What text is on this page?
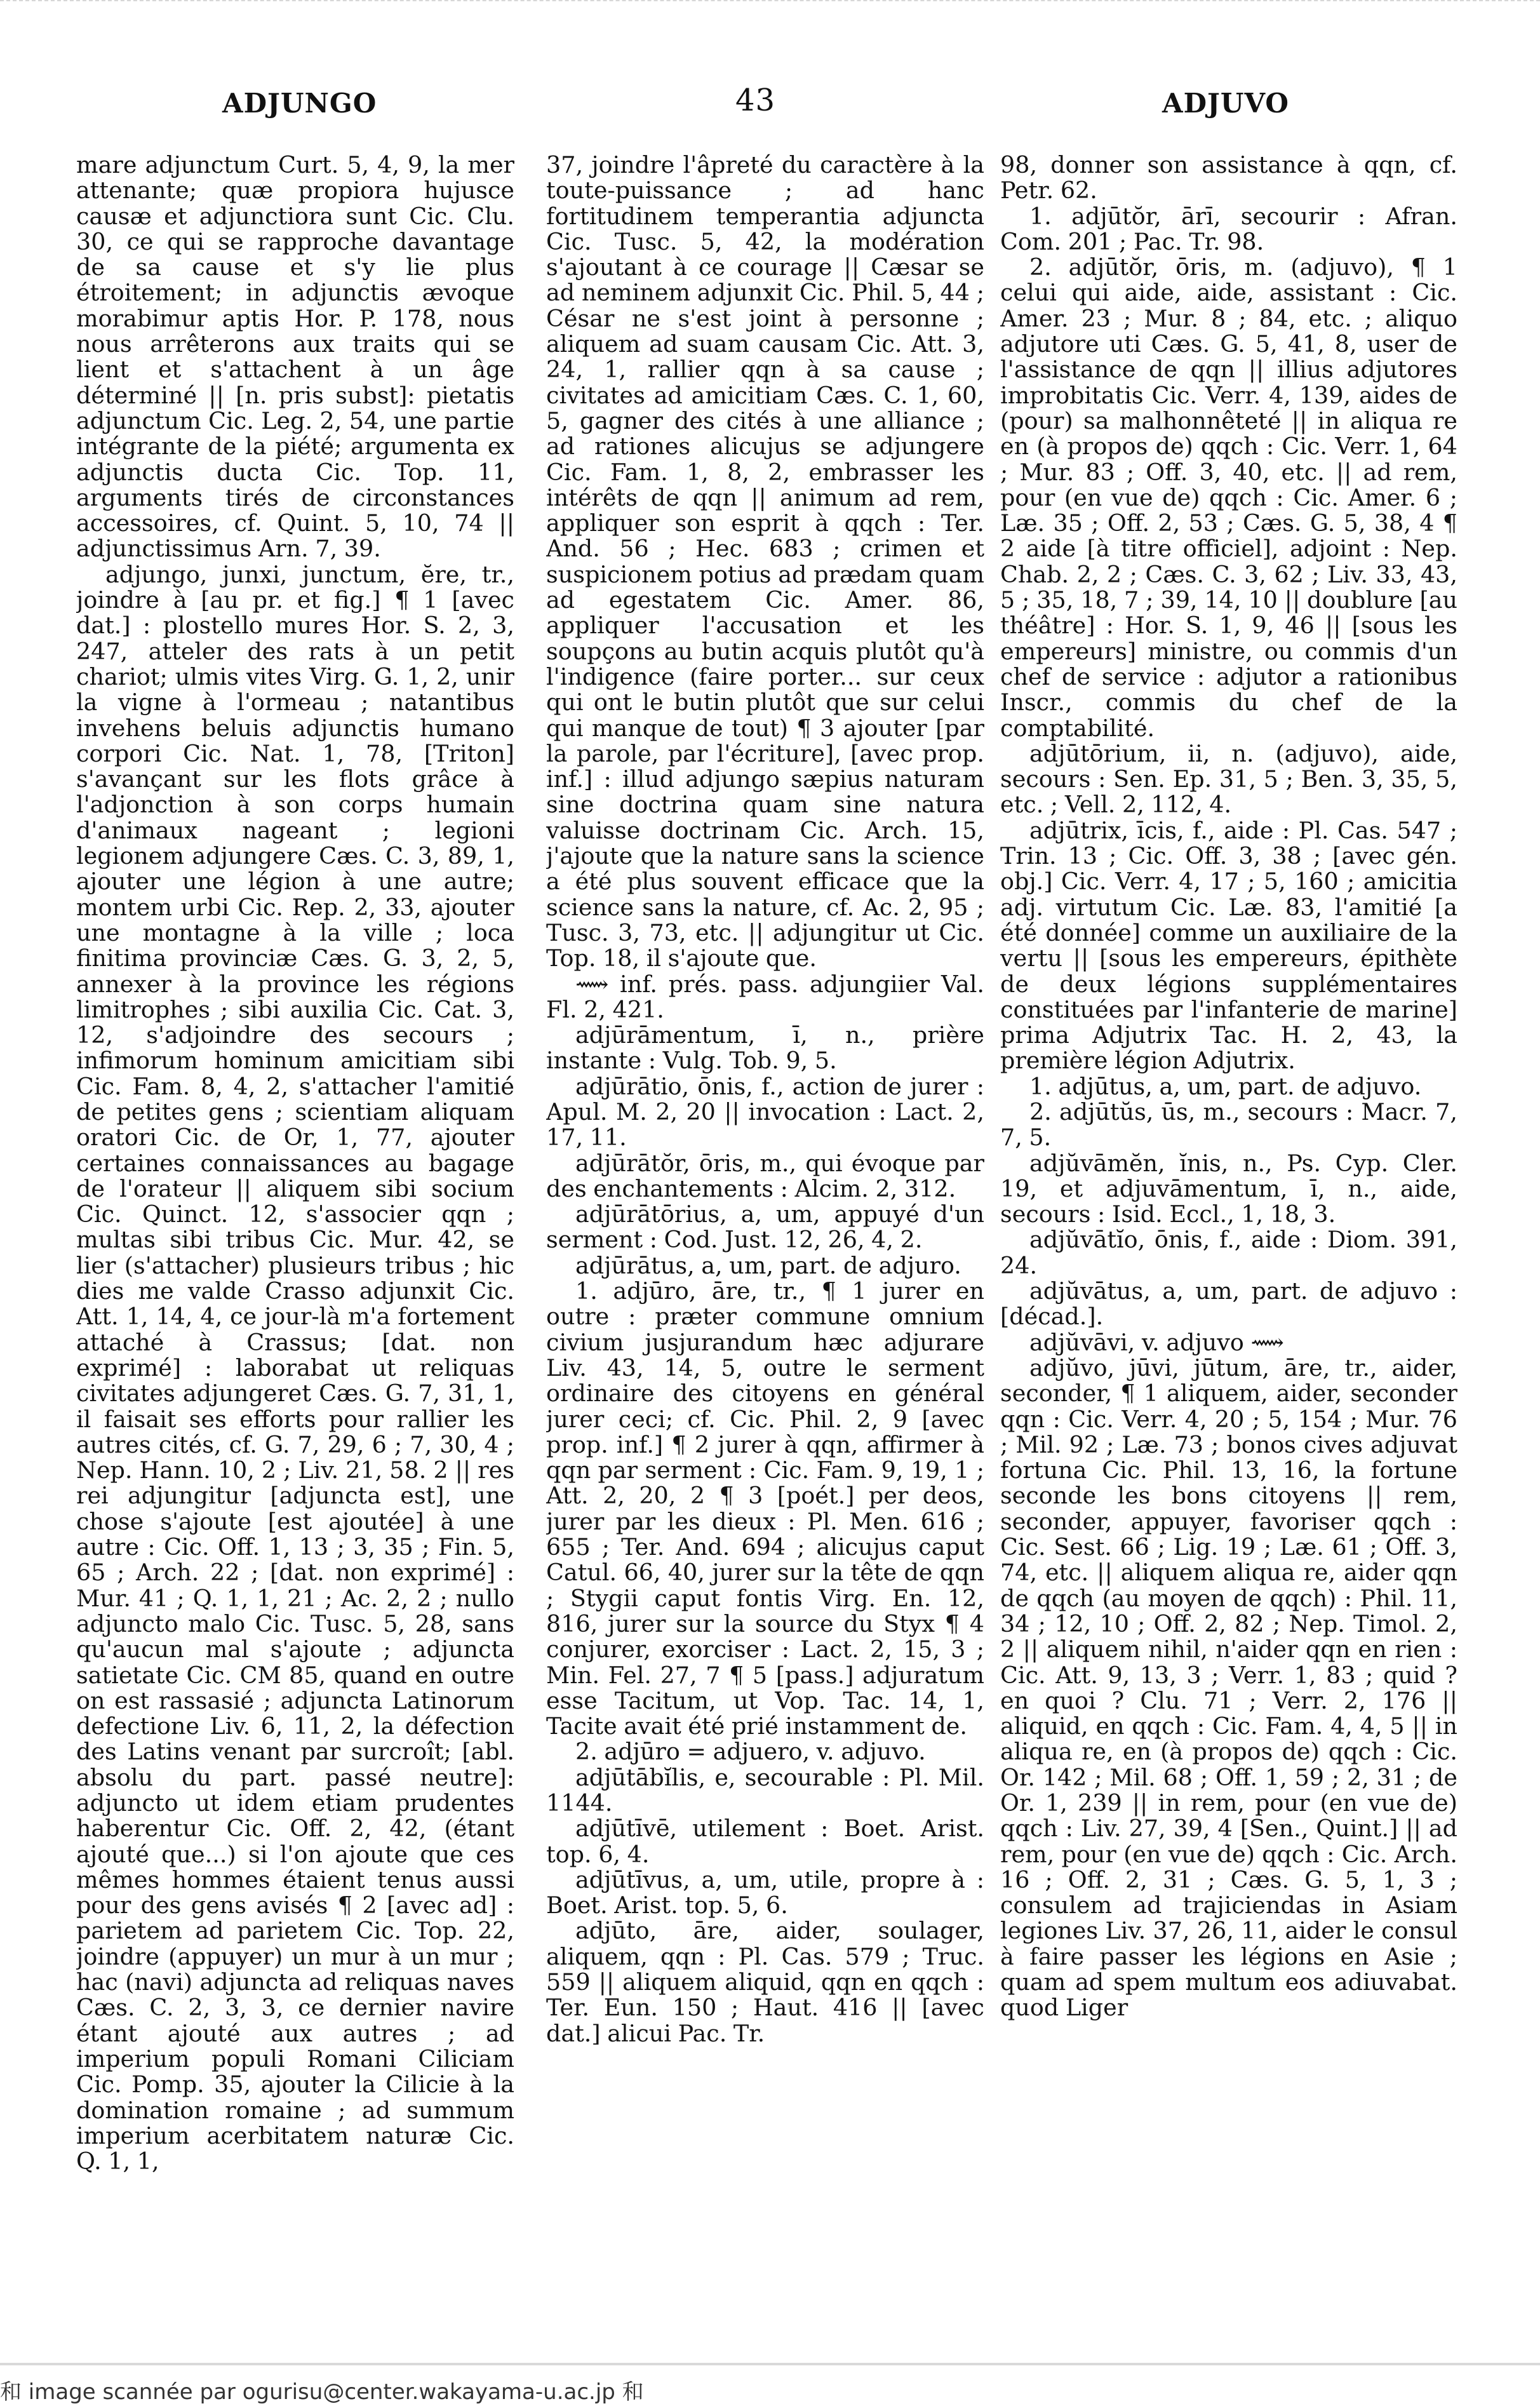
ADJUNGO	43	ADJUVO

mare adjunctum Curt. 5, 4, 9, la mer attenante; quæ propiora hujusce causæ et adjunctiora sunt Cic. Clu. 30, ce qui se rapproche davantage de sa cause et s'y lie plus étroitement; in adjunctis ævoque morabimur aptis Hor. P. 178, nous nous arrêterons aux traits qui se lient et s'attachent à un âge déterminé || [n. pris subst]: pietatis adjunctum Cic. Leg. 2, 54, une partie intégrante de la piété; argumenta ex adjunctis ducta Cic. Top. 11, arguments tirés de circonstances accessoires, cf. Quint. 5, 10, 74 || adjunctissimus Arn. 7, 39.

adjungo, junxi, junctum, ĕre, tr., joindre à [au pr. et fig.] ¶ 1 [avec dat.] : plostello mures Hor. S. 2, 3, 247, atteler des rats à un petit chariot; ulmis vites Virg. G. 1, 2, unir la vigne à l'ormeau ; natantibus invehens beluis adjunctis humano corpori Cic. Nat. 1, 78, [Triton] s'avançant sur les flots grâce à l'adjonction à son corps humain d'animaux nageant ; legioni legionem adjungere Cæs. C. 3, 89, 1, ajouter une légion à une autre; montem urbi Cic. Rep. 2, 33, ajouter une montagne à la ville ; loca finitima provinciæ Cæs. G. 3, 2, 5, annexer à la province les régions limitrophes ; sibi auxilia Cic. Cat. 3, 12, s'adjoindre des secours ; infimorum hominum amicitiam sibi Cic. Fam. 8, 4, 2, s'attacher l'amitié de petites gens ; scientiam aliquam oratori Cic. de Or, 1, 77, ajouter certaines connaissances au bagage de l'orateur || aliquem sibi socium Cic. Quinct. 12, s'associer qqn ; multas sibi tribus Cic. Mur. 42, se lier (s'attacher) plusieurs tribus ; hic dies me valde Crasso adjunxit Cic. Att. 1, 14, 4, ce jour-là m'a fortement attaché à Crassus; [dat. non exprimé] : laborabat ut reliquas civitates adjungeret Cæs. G. 7, 31, 1, il faisait ses efforts pour rallier les autres cités, cf. G. 7, 29, 6 ; 7, 30, 4 ; Nep. Hann. 10, 2 ; Liv. 21, 58. 2 || res rei adjungitur [adjuncta est], une chose s'ajoute [est ajoutée] à une autre : Cic. Off. 1, 13 ; 3, 35 ; Fin. 5, 65 ; Arch. 22 ; [dat. non exprimé] : Mur. 41 ; Q. 1, 1, 21 ; Ac. 2, 2 ; nullo adjuncto malo Cic. Tusc. 5, 28, sans qu'aucun mal s'ajoute ; adjuncta satietate Cic. CM 85, quand en outre on est rassasié ; adjuncta Latinorum defectione Liv. 6, 11, 2, la défection des Latins venant par surcroît; [abl. absolu du part. passé neutre]: adjuncto ut idem etiam prudentes haberentur Cic. Off. 2, 42, (étant ajouté que...) si l'on ajoute que ces mêmes hommes étaient tenus aussi pour des gens avisés ¶ 2 [avec ad] : parietem ad parietem Cic. Top. 22, joindre (appuyer) un mur à un mur ; hac (navi) adjuncta ad reliquas naves Cæs. C. 2, 3, 3, ce dernier navire étant ajouté aux autres ; ad imperium populi Romani Ciliciam Cic. Pomp. 35, ajouter la Cilicie à la domination romaine ; ad summum imperium acerbitatem naturæ Cic. Q. 1, 1,

37, joindre l'âpreté du caractère à la toute-puissance ; ad hanc fortitudinem temperantia adjuncta Cic. Tusc. 5, 42, la modération s'ajoutant à ce courage || Cæsar se ad neminem adjunxit Cic. Phil. 5, 44 ; César ne s'est joint à personne ; aliquem ad suam causam Cic. Att. 3, 24, 1, rallier qqn à sa cause ; civitates ad amicitiam Cæs. C. 1, 60, 5, gagner des cités à une alliance ; ad rationes alicujus se adjungere Cic. Fam. 1, 8, 2, embrasser les intérêts de qqn || animum ad rem, appliquer son esprit à qqch : Ter. And. 56 ; Hec. 683 ; crimen et suspicionem potius ad prædam quam ad egestatem Cic. Amer. 86, appliquer l'accusation et les soupçons au butin acquis plutôt qu'à l'indigence (faire porter... sur ceux qui ont le butin plutôt que sur celui qui manque de tout) ¶ 3 ajouter [par la parole, par l'écriture], [avec prop. inf.] : illud adjungo sæpius naturam sine doctrina quam sine natura valuisse doctrinam Cic. Arch. 15, j'ajoute que la nature sans la science a été plus souvent efficace que la science sans la nature, cf. Ac. 2, 95 ; Tusc. 3, 73, etc. || adjungitur ut Cic. Top. 18, il s'ajoute que.

⟿ inf. prés. pass. adjungiier Val. Fl. 2, 421.

adjūrāmentum, ī, n., prière instante : Vulg. Tob. 9, 5.

adjūrātio, ōnis, f., action de jurer : Apul. M. 2, 20 || invocation : Lact. 2, 17, 11.

adjūrātŏr, ōris, m., qui évoque par des enchantements : Alcim. 2, 312.

adjūrātōrius, a, um, appuyé d'un serment : Cod. Just. 12, 26, 4, 2.

adjūrātus, a, um, part. de adjuro.

1. adjūro, āre, tr., ¶ 1 jurer en outre : præter commune omnium civium jusjurandum hæc adjurare Liv. 43, 14, 5, outre le serment ordinaire des citoyens en général jurer ceci; cf. Cic. Phil. 2, 9 [avec prop. inf.] ¶ 2 jurer à qqn, affirmer à qqn par serment : Cic. Fam. 9, 19, 1 ; Att. 2, 20, 2 ¶ 3 [poét.] per deos, jurer par les dieux : Pl. Men. 616 ; 655 ; Ter. And. 694 ; alicujus caput Catul. 66, 40, jurer sur la tête de qqn ; Stygii caput fontis Virg. En. 12, 816, jurer sur la source du Styx ¶ 4 conjurer, exorciser : Lact. 2, 15, 3 ; Min. Fel. 27, 7 ¶ 5 [pass.] adjuratum esse Tacitum, ut Vop. Tac. 14, 1, Tacite avait été prié instamment de.

2. adjūro = adjuero, v. adjuvo.

adjūtābĭlis, e, secourable : Pl. Mil. 1144.

adjūtīvē, utilement : Boet. Arist. top. 6, 4.

adjūtīvus, a, um, utile, propre à : Boet. Arist. top. 5, 6.

adjūto, āre, aider, soulager, aliquem, qqn : Pl. Cas. 579 ; Truc. 559 || aliquem aliquid, qqn en qqch : Ter. Eun. 150 ; Haut. 416 || [avec dat.] alicui Pac. Tr.

98, donner son assistance à qqn, cf. Petr. 62.

1. adjūtŏr, ārī, secourir : Afran. Com. 201 ; Pac. Tr. 98.

2. adjūtŏr, ōris, m. (adjuvo), ¶ 1 celui qui aide, aide, assistant : Cic. Amer. 23 ; Mur. 8 ; 84, etc. ; aliquo adjutore uti Cæs. G. 5, 41, 8, user de l'assistance de qqn || illius adjutores improbitatis Cic. Verr. 4, 139, aides de (pour) sa malhonnêteté || in aliqua re en (à propos de) qqch : Cic. Verr. 1, 64 ; Mur. 83 ; Off. 3, 40, etc. || ad rem, pour (en vue de) qqch : Cic. Amer. 6 ; Læ. 35 ; Off. 2, 53 ; Cæs. G. 5, 38, 4 ¶ 2 aide [à titre officiel], adjoint : Nep. Chab. 2, 2 ; Cæs. C. 3, 62 ; Liv. 33, 43, 5 ; 35, 18, 7 ; 39, 14, 10 || doublure [au théâtre] : Hor. S. 1, 9, 46 || [sous les empereurs] ministre, ou commis d'un chef de service : adjutor a rationibus Inscr., commis du chef de la comptabilité.

adjūtōrium, ii, n. (adjuvo), aide, secours : Sen. Ep. 31, 5 ; Ben. 3, 35, 5, etc. ; Vell. 2, 112, 4.

adjūtrix, īcis, f., aide : Pl. Cas. 547 ; Trin. 13 ; Cic. Off. 3, 38 ; [avec gén. obj.] Cic. Verr. 4, 17 ; 5, 160 ; amicitia adj. virtutum Cic. Læ. 83, l'amitié [a été donnée] comme un auxiliaire de la vertu || [sous les empereurs, épithète de deux légions supplémentaires constituées par l'infanterie de marine] prima Adjutrix Tac. H. 2, 43, la première légion Adjutrix.

1. adjūtus, a, um, part. de adjuvo.

2. adjūtŭs, ūs, m., secours : Macr. 7, 7, 5.

adjŭvāmĕn, ĭnis, n., Ps. Cyp. Cler. 19, et adjuvāmentum, ī, n., aide, secours : Isid. Eccl., 1, 18, 3.

adjŭvātĭo, ōnis, f., aide : Diom. 391, 24.

adjŭvātus, a, um, part. de adjuvo : [décad.].

adjŭvāvi, v. adjuvo ⟿

adjŭvo, jūvi, jūtum, āre, tr., aider, seconder, ¶ 1 aliquem, aider, seconder qqn : Cic. Verr. 4, 20 ; 5, 154 ; Mur. 76 ; Mil. 92 ; Læ. 73 ; bonos cives adjuvat fortuna Cic. Phil. 13, 16, la fortune seconde les bons citoyens || rem, seconder, appuyer, favoriser qqch : Cic. Sest. 66 ; Lig. 19 ; Læ. 61 ; Off. 3, 74, etc. || aliquem aliqua re, aider qqn de qqch (au moyen de qqch) : Phil. 11, 34 ; 12, 10 ; Off. 2, 82 ; Nep. Timol. 2, 2 || aliquem nihil, n'aider qqn en rien : Cic. Att. 9, 13, 3 ; Verr. 1, 83 ; quid ? en quoi ? Clu. 71 ; Verr. 2, 176 || aliquid, en qqch : Cic. Fam. 4, 4, 5 || in aliqua re, en (à propos de) qqch : Cic. Or. 142 ; Mil. 68 ; Off. 1, 59 ; 2, 31 ; de Or. 1, 239 || in rem, pour (en vue de) qqch : Liv. 27, 39, 4 [Sen., Quint.] || ad rem, pour (en vue de) qqch : Cic. Arch. 16 ; Off. 2, 31 ; Cæs. G. 5, 1, 3 ; consulem ad trajiciendas in Asiam legiones Liv. 37, 26, 11, aider le consul à faire passer les légions en Asie ; quam ad spem multum eos adiuvabat. quod Liger

和 image scannée par ogurisu@center.wakayama-u.ac.jp 和
